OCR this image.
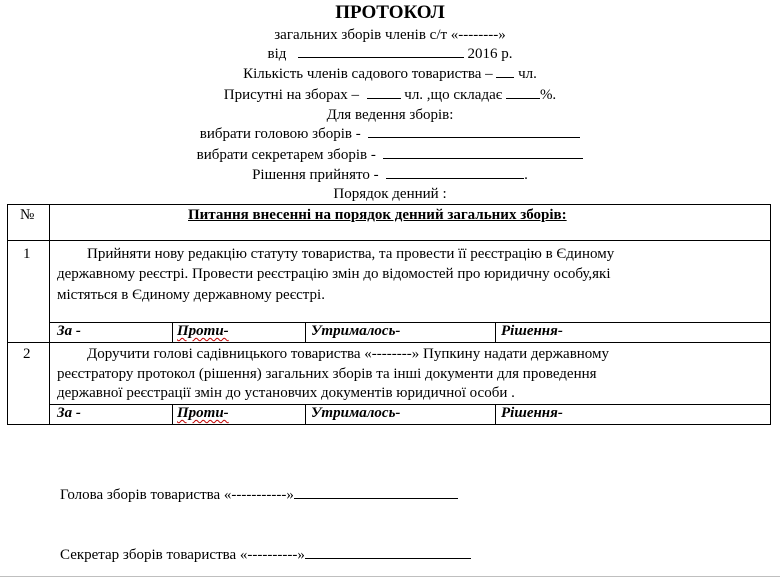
ПРОТОКОЛ
загальних зборів членів с/т «--------»
від	2016 р.
Кількість членів садового товариства – чл.
Присутні на зборах –	чл. ,що складає	%.
Для ведення зборів:
вибрати головою зборів -
вибрати секретарем зборів -
Рішення прийнято -	.
Порядок денний :
№	Питання внесенні на порядок денний загальних зборів:
1	Прийняти нову редакцію статуту товариства, та провести її реєстрацію в Єдиному
державному реєстрі. Провести реєстрацію змін до відомостей про юридичну особу,які
містяться в Єдиному державному реєстрі.
За -	Проти-	Утрималось-	Рішення-
2	Доручити голові садівницького товариства «--------» Пупкину надати державному
реєстратору протокол (рішення) загальних зборів та інші документи для проведення
державної реєстрації змін до установчих документів юридичної особи .
За -	Проти-	Утрималось-	Рішення-
Голова зборів товариства «-----------»
Секретар зборів товариства «----------»
